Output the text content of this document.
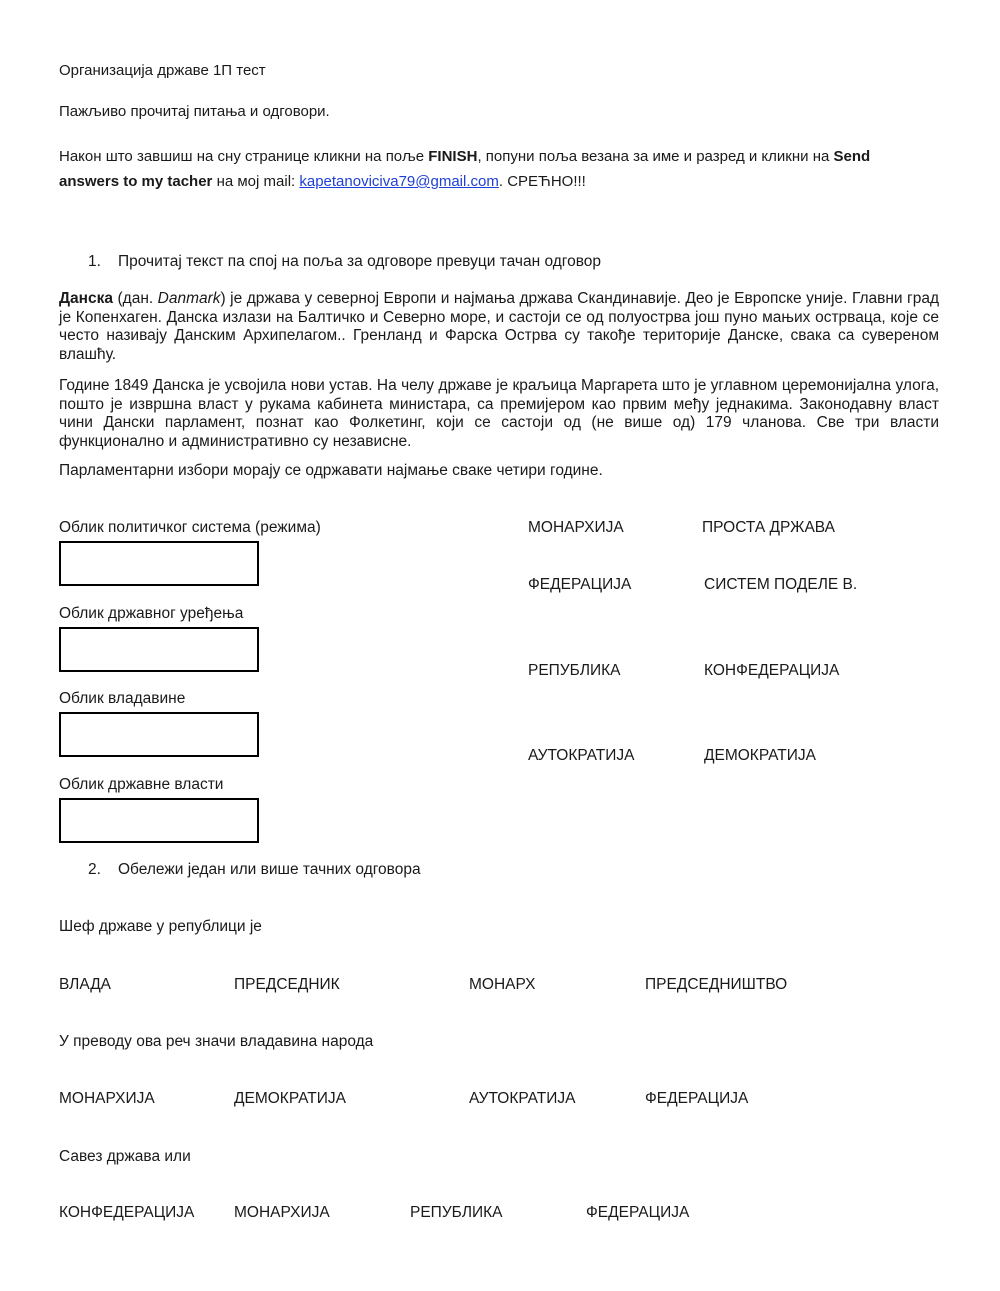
Организација државе 1П тест
Пажљиво прочитај питања и одговори.
Након што завшиш на сну странице кликни на поље FINISH, попуни поља везана за име и разред и кликни на Send
answers to my tacher на мој mail: kapetanoviciva79@gmail.com. СРЕЋНО!!!
1. Прочитај текст па спој на поља за одговоре превуци тачан одговор
Данска (дан. Danmark) је држава у северној Европи и најмања држава Скандинавије. Део је Европске уније. Главни град је Копенхаген. Данска излази на Балтичко и Северно море, и састоји се од полуострва још пуно мањих острваца, које се често називају Данским Архипелагом.. Гренланд и Фарска Острва су такође територије Данске, свака са сувереном влашћу.
Године 1849 Данска је усвојила нови устав. На челу државе је краљица Маргарета што је углавном церемонијална улога, пошто је извршна власт у рукама кабинета министара, са премијером као првим међу једнакима. Законодавну власт чини Дански парламент, познат као Фолкетинг, који се састоји од (не више од) 179 чланова. Све три власти функционално и административно су независне.
Парламентарни избори морају се одржавати најмање сваке четири године.
Облик политичког система (режима)
Облик државног уређења
Облик владавине
Облик државне власти
МОНАРХИЈА	ПРОСТА ДРЖАВА
ФЕДЕРАЦИЈА	СИСТЕМ ПОДЕЛЕ В.
РЕПУБЛИКА	КОНФЕДЕРАЦИЈА
АУТОКРАТИЈА	ДЕМОКРАТИЈА
2. Обележи један или више тачних одговора
Шеф државе у републици је
ВЛАДА	ПРЕДСЕДНИК	МОНАРХ	ПРЕДСЕДНИШТВО
У преводу ова реч значи владавина народа
МОНАРХИЈА	ДЕМОКРАТИЈА	АУТОКРАТИЈА	ФЕДЕРАЦИЈА
Савез држава или
КОНФЕДЕРАЦИЈА	МОНАРХИЈА	РЕПУБЛИКА	ФЕДЕРАЦИЈА
